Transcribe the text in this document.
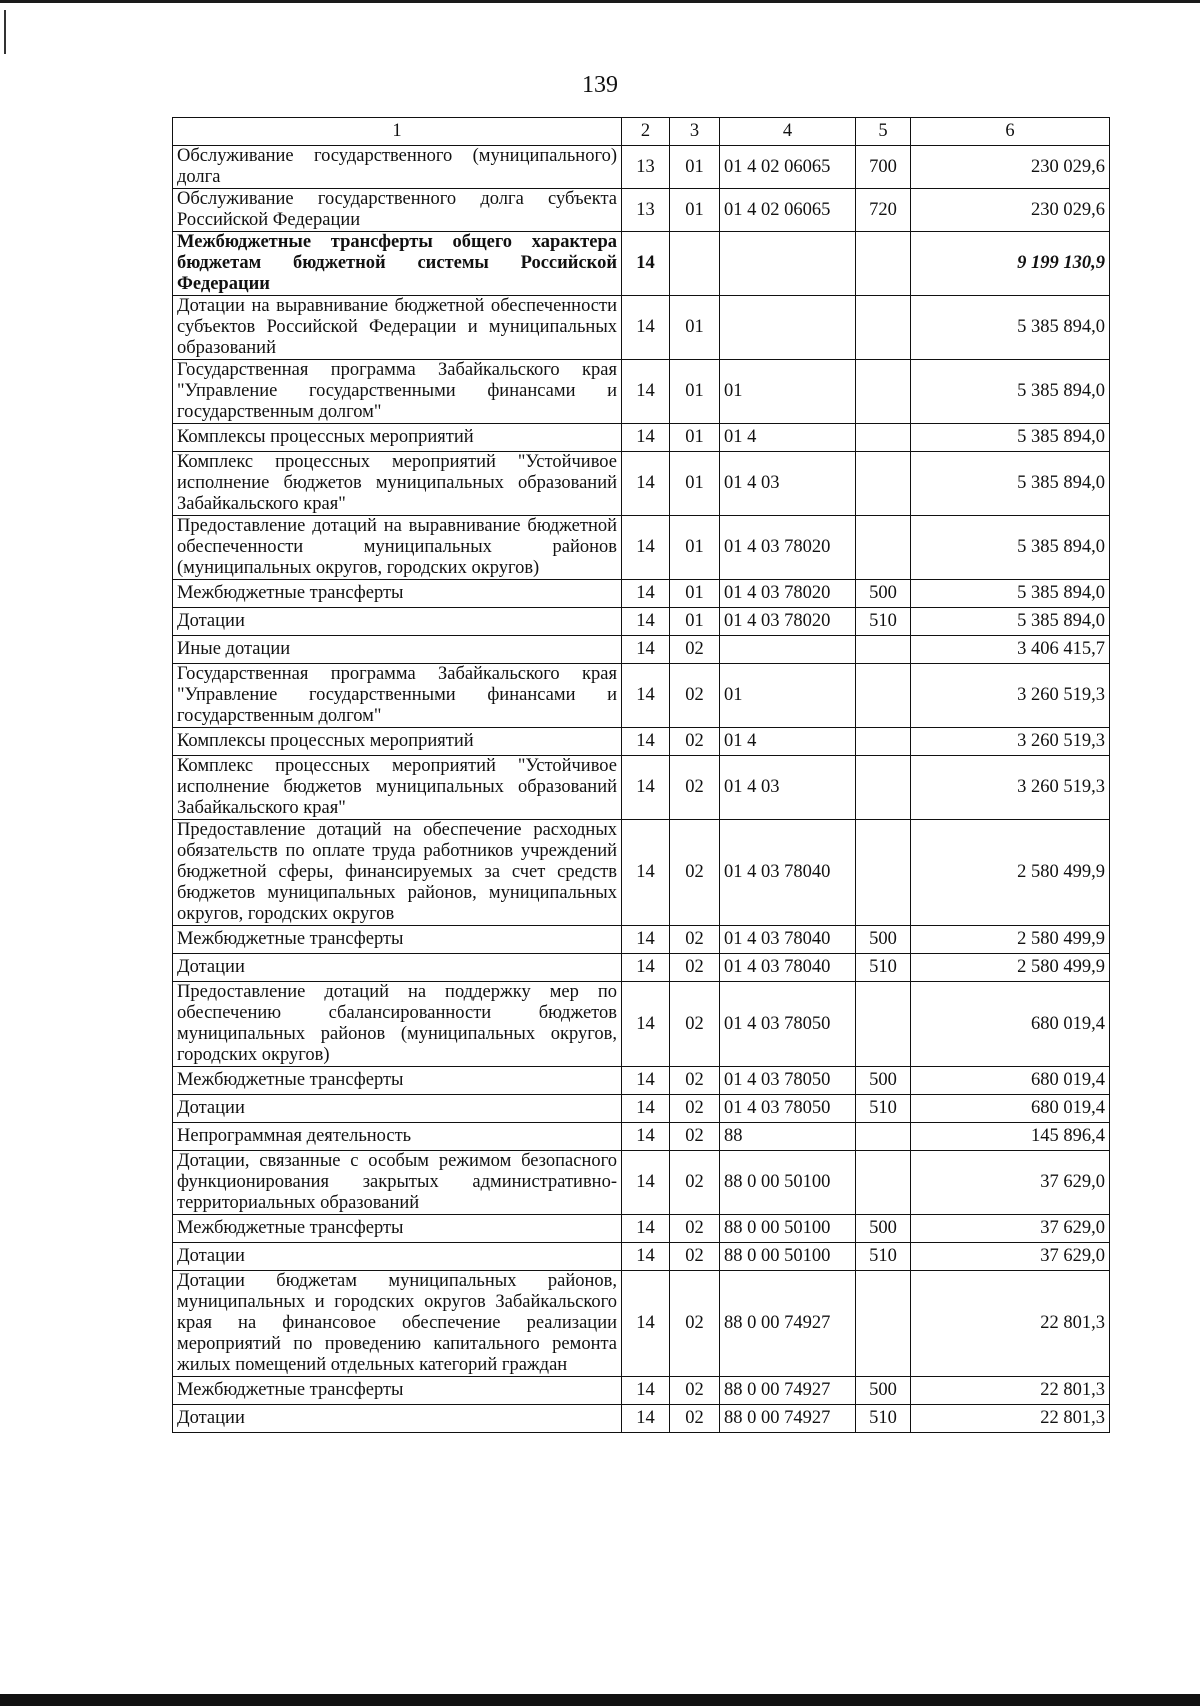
139
1	2	3	4	5	6
Обслуживание государственного (муниципального) долга	13	01	01 4 02 06065	700	230 029,6
Обслуживание государственного долга субъекта Российской Федерации	13	01	01 4 02 06065	720	230 029,6
Межбюджетные трансферты общего характера бюджетам бюджетной системы Российской Федерации	14				9 199 130,9
Дотации на выравнивание бюджетной обеспеченности субъектов Российской Федерации и муниципальных образований	14	01			5 385 894,0
Государственная программа Забайкальского края "Управление государственными финансами и государственным долгом"	14	01	01		5 385 894,0
Комплексы процессных мероприятий	14	01	01 4		5 385 894,0
Комплекс процессных мероприятий "Устойчивое исполнение бюджетов муниципальных образований Забайкальского края"	14	01	01 4 03		5 385 894,0
Предоставление дотаций на выравнивание бюджетной обеспеченности муниципальных районов (муниципальных округов, городских округов)	14	01	01 4 03 78020		5 385 894,0
Межбюджетные трансферты	14	01	01 4 03 78020	500	5 385 894,0
Дотации	14	01	01 4 03 78020	510	5 385 894,0
Иные дотации	14	02			3 406 415,7
Государственная программа Забайкальского края "Управление государственными финансами и государственным долгом"	14	02	01		3 260 519,3
Комплексы процессных мероприятий	14	02	01 4		3 260 519,3
Комплекс процессных мероприятий "Устойчивое исполнение бюджетов муниципальных образований Забайкальского края"	14	02	01 4 03		3 260 519,3
Предоставление дотаций на обеспечение расходных обязательств по оплате труда работников учреждений бюджетной сферы, финансируемых за счет средств бюджетов муниципальных районов, муниципальных округов, городских округов	14	02	01 4 03 78040		2 580 499,9
Межбюджетные трансферты	14	02	01 4 03 78040	500	2 580 499,9
Дотации	14	02	01 4 03 78040	510	2 580 499,9
Предоставление дотаций на поддержку мер по обеспечению сбалансированности бюджетов муниципальных районов (муниципальных округов, городских округов)	14	02	01 4 03 78050		680 019,4
Межбюджетные трансферты	14	02	01 4 03 78050	500	680 019,4
Дотации	14	02	01 4 03 78050	510	680 019,4
Непрограммная деятельность	14	02	88		145 896,4
Дотации, связанные с особым режимом безопасного функционирования закрытых административно-территориальных образований	14	02	88 0 00 50100		37 629,0
Межбюджетные трансферты	14	02	88 0 00 50100	500	37 629,0
Дотации	14	02	88 0 00 50100	510	37 629,0
Дотации бюджетам муниципальных районов, муниципальных и городских округов Забайкальского края на финансовое обеспечение реализации мероприятий по проведению капитального ремонта жилых помещений отдельных категорий граждан	14	02	88 0 00 74927		22 801,3
Межбюджетные трансферты	14	02	88 0 00 74927	500	22 801,3
Дотации	14	02	88 0 00 74927	510	22 801,3
